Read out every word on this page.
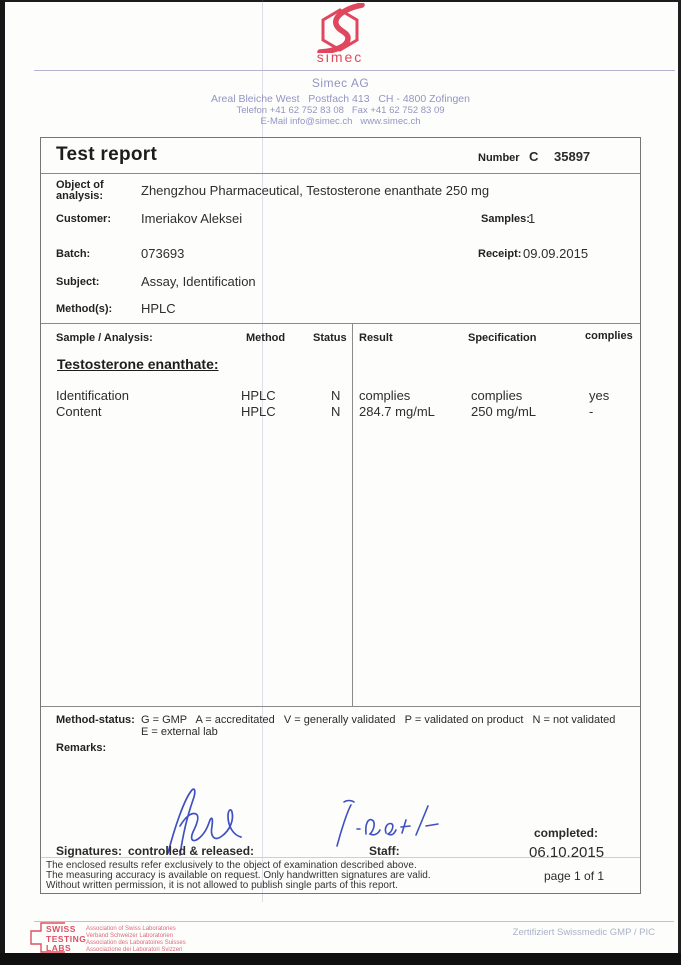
simec
Simec AG
Areal Bleiche West   Postfach 413   CH - 4800 Zofingen
Telefon +41 62 752 83 08   Fax +41 62 752 83 09
E-Mail info@simec.ch   www.simec.ch
Test report	Number C 35897
Object of analysis:	Zhengzhou Pharmaceutical, Testosterone enanthate 250 mg
Customer: Imeriakov Aleksei	Samples:
1
Batch:	073693	Receipt: 09.09.2015
Subject:	Assay, Identification
Method(s): HPLC
Sample / Analysis:	Method	Status Result	Specification	complies
Testosterone enanthate:
Identification	HPLC	N complies	complies	yes
Content	HPLC	N 284.7 mg/mL	250 mg/mL	-
Method-status: G = GMP   A = accreditated   V = generally validated   P = validated on product   N = not validated
E = external lab
Remarks:
Signatures: controlled & released:	Staff:
completed:
06.10.2015
page 1 of 1
The enclosed results refer exclusively to the object of examination described above.
The measuring accuracy is available on request. Only handwritten signatures are valid.
Without written permission, it is not allowed to publish single parts of this report.
SWISS
TESTING
LABS
Association of Swiss Laboratories
Verband Schweizer Laboratorien
Association des Laboratoires Suisses
Associazione dei Laboratori Svizzeri
Zertifiziert Swissmedic GMP / PIC
